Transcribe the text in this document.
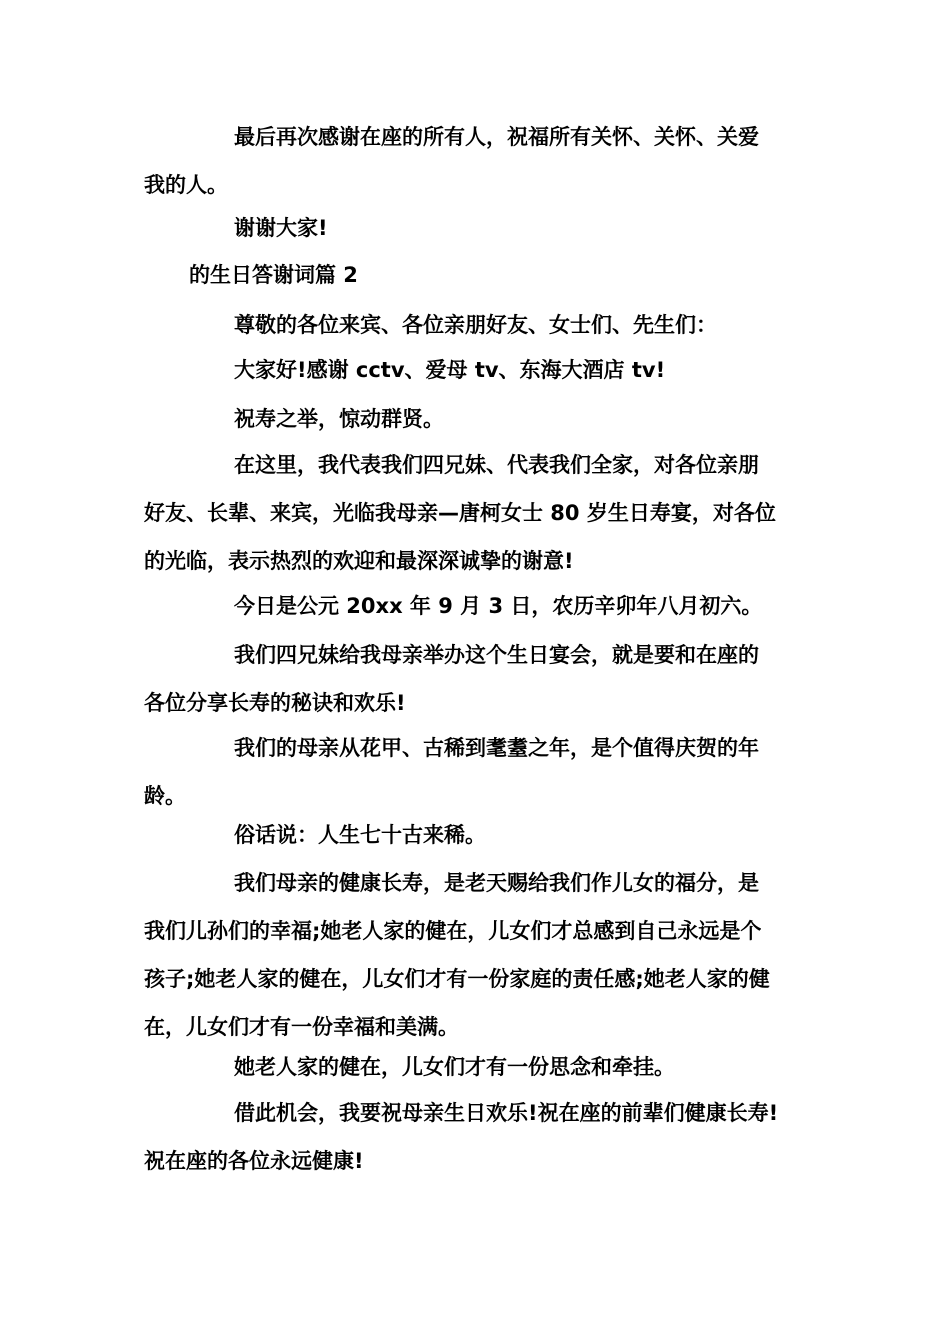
最后再次感谢在座的所有人，祝福所有关怀、关怀、关爱
我的人。
谢谢大家!
的生日答谢词篇 2
尊敬的各位来宾、各位亲朋好友、女士们、先生们：
大家好!感谢 cctv、爱母 tv、东海大酒店 tv!
祝寿之举，惊动群贤。
在这里，我代表我们四兄妹、代表我们全家，对各位亲朋
好友、长辈、来宾，光临我母亲—唐柯女士 80 岁生日寿宴，对各位
的光临，表示热烈的欢迎和最深深诚挚的谢意!
今日是公元 20xx 年 9 月 3 日，农历辛卯年八月初六。
我们四兄妹给我母亲举办这个生日宴会，就是要和在座的
各位分享长寿的秘诀和欢乐!
我们的母亲从花甲、古稀到耄耋之年，是个值得庆贺的年
龄。
俗话说：人生七十古来稀。
我们母亲的健康长寿，是老天赐给我们作儿女的福分，是
我们儿孙们的幸福;她老人家的健在，儿女们才总感到自己永远是个
孩子;她老人家的健在，儿女们才有一份家庭的责任感;她老人家的健
在，儿女们才有一份幸福和美满。
她老人家的健在，儿女们才有一份思念和牵挂。
借此机会，我要祝母亲生日欢乐!祝在座的前辈们健康长寿!
祝在座的各位永远健康!
